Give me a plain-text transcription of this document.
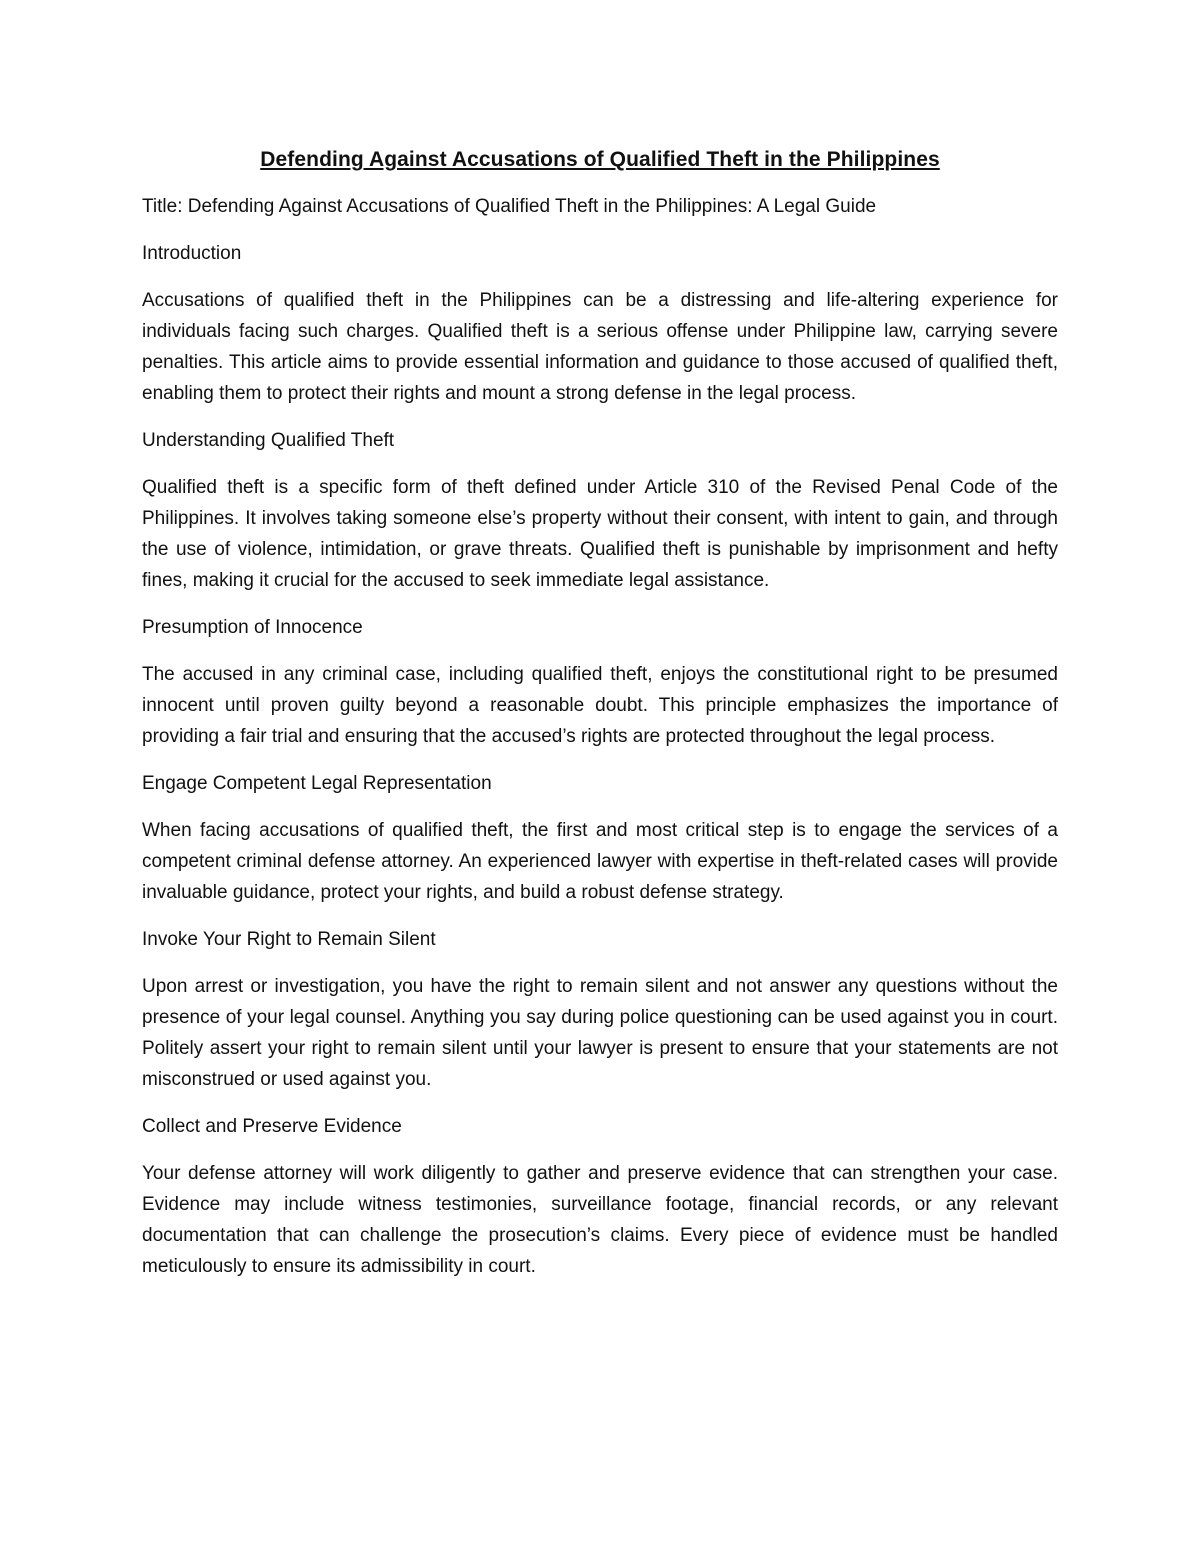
Defending Against Accusations of Qualified Theft in the Philippines

Title: Defending Against Accusations of Qualified Theft in the Philippines: A Legal Guide

Introduction

Accusations of qualified theft in the Philippines can be a distressing and life-altering experience for individuals facing such charges. Qualified theft is a serious offense under Philippine law, carrying severe penalties. This article aims to provide essential information and guidance to those accused of qualified theft, enabling them to protect their rights and mount a strong defense in the legal process.

Understanding Qualified Theft

Qualified theft is a specific form of theft defined under Article 310 of the Revised Penal Code of the Philippines. It involves taking someone else’s property without their consent, with intent to gain, and through the use of violence, intimidation, or grave threats. Qualified theft is punishable by imprisonment and hefty fines, making it crucial for the accused to seek immediate legal assistance.

Presumption of Innocence

The accused in any criminal case, including qualified theft, enjoys the constitutional right to be presumed innocent until proven guilty beyond a reasonable doubt. This principle emphasizes the importance of providing a fair trial and ensuring that the accused’s rights are protected throughout the legal process.

Engage Competent Legal Representation

When facing accusations of qualified theft, the first and most critical step is to engage the services of a competent criminal defense attorney. An experienced lawyer with expertise in theft-related cases will provide invaluable guidance, protect your rights, and build a robust defense strategy.

Invoke Your Right to Remain Silent

Upon arrest or investigation, you have the right to remain silent and not answer any questions without the presence of your legal counsel. Anything you say during police questioning can be used against you in court. Politely assert your right to remain silent until your lawyer is present to ensure that your statements are not misconstrued or used against you.

Collect and Preserve Evidence

Your defense attorney will work diligently to gather and preserve evidence that can strengthen your case. Evidence may include witness testimonies, surveillance footage, financial records, or any relevant documentation that can challenge the prosecution’s claims. Every piece of evidence must be handled meticulously to ensure its admissibility in court.
